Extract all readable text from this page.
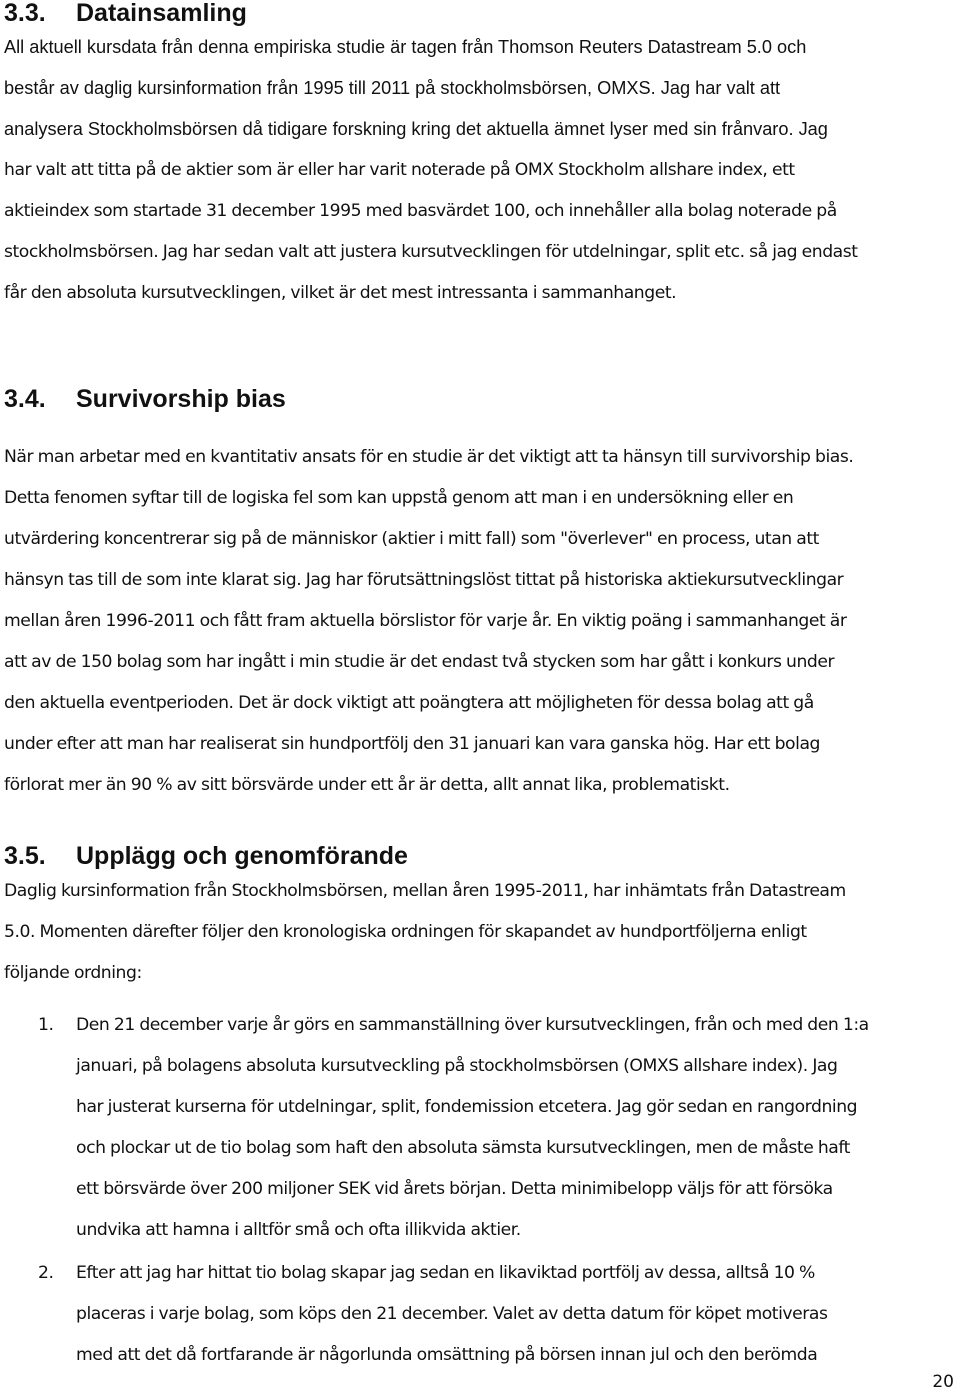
3.3. Datainsamling
All aktuell kursdata från denna empiriska studie är tagen från Thomson Reuters Datastream 5.0 och
består av daglig kursinformation från 1995 till 2011 på stockholmsbörsen, OMXS. Jag har valt att
analysera Stockholmsbörsen då tidigare forskning kring det aktuella ämnet lyser med sin frånvaro. Jag
har valt att titta på de aktier som är eller har varit noterade på OMX Stockholm allshare index, ett
aktieindex som startade 31 december 1995 med basvärdet 100, och innehåller alla bolag noterade på
stockholmsbörsen. Jag har sedan valt att justera kursutvecklingen för utdelningar, split etc. så jag endast
får den absoluta kursutvecklingen, vilket är det mest intressanta i sammanhanget.
3.4. Survivorship bias
När man arbetar med en kvantitativ ansats för en studie är det viktigt att ta hänsyn till survivorship bias.
Detta fenomen syftar till de logiska fel som kan uppstå genom att man i en undersökning eller en
utvärdering koncentrerar sig på de människor (aktier i mitt fall) som "överlever" en process, utan att
hänsyn tas till de som inte klarat sig. Jag har förutsättningslöst tittat på historiska aktiekursutvecklingar
mellan åren 1996-2011 och fått fram aktuella börslistor för varje år. En viktig poäng i sammanhanget är
att av de 150 bolag som har ingått i min studie är det endast två stycken som har gått i konkurs under
den aktuella eventperioden. Det är dock viktigt att poängtera att möjligheten för dessa bolag att gå
under efter att man har realiserat sin hundportfölj den 31 januari kan vara ganska hög. Har ett bolag
förlorat mer än 90 % av sitt börsvärde under ett år är detta, allt annat lika, problematiskt.
3.5. Upplägg och genomförande
Daglig kursinformation från Stockholmsbörsen, mellan åren 1995-2011, har inhämtats från Datastream
5.0. Momenten därefter följer den kronologiska ordningen för skapandet av hundportföljerna enligt
följande ordning:
1. Den 21 december varje år görs en sammanställning över kursutvecklingen, från och med den 1:a
januari, på bolagens absoluta kursutveckling på stockholmsbörsen (OMXS allshare index). Jag
har justerat kurserna för utdelningar, split, fondemission etcetera. Jag gör sedan en rangordning
och plockar ut de tio bolag som haft den absoluta sämsta kursutvecklingen, men de måste haft
ett börsvärde över 200 miljoner SEK vid årets början. Detta minimibelopp väljs för att försöka
undvika att hamna i alltför små och ofta illikvida aktier.
2. Efter att jag har hittat tio bolag skapar jag sedan en likaviktad portfölj av dessa, alltså 10 %
placeras i varje bolag, som köps den 21 december. Valet av detta datum för köpet motiveras
med att det då fortfarande är någorlunda omsättning på börsen innan jul och den berömda
20
